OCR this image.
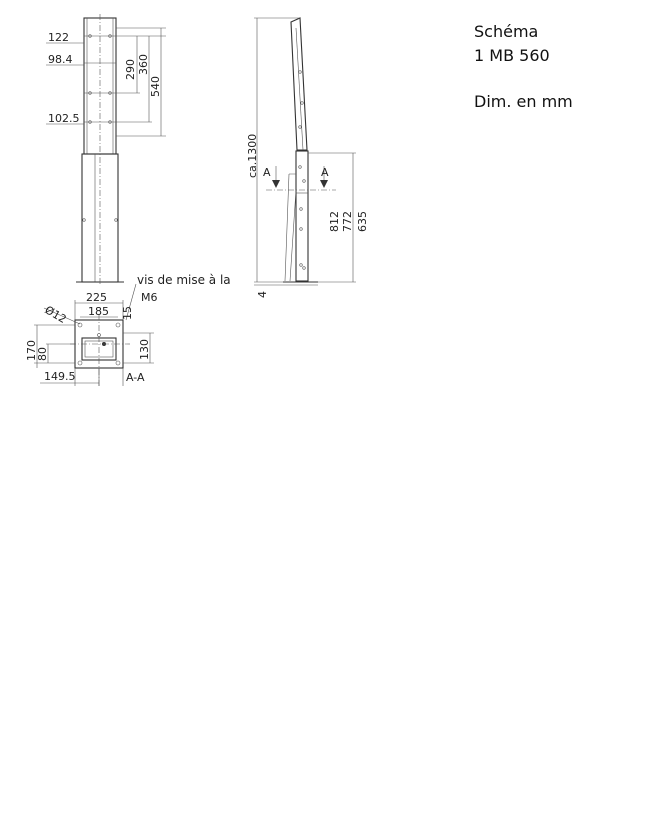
122
98.4
102.5
290 360
540
vis de mise à la
M6
225
185 15
Ø12
170
80	130
149.5	A-A
A	A
ca.1300
4
812 772 635
Schéma
1 MB 560
Dim. en mm
